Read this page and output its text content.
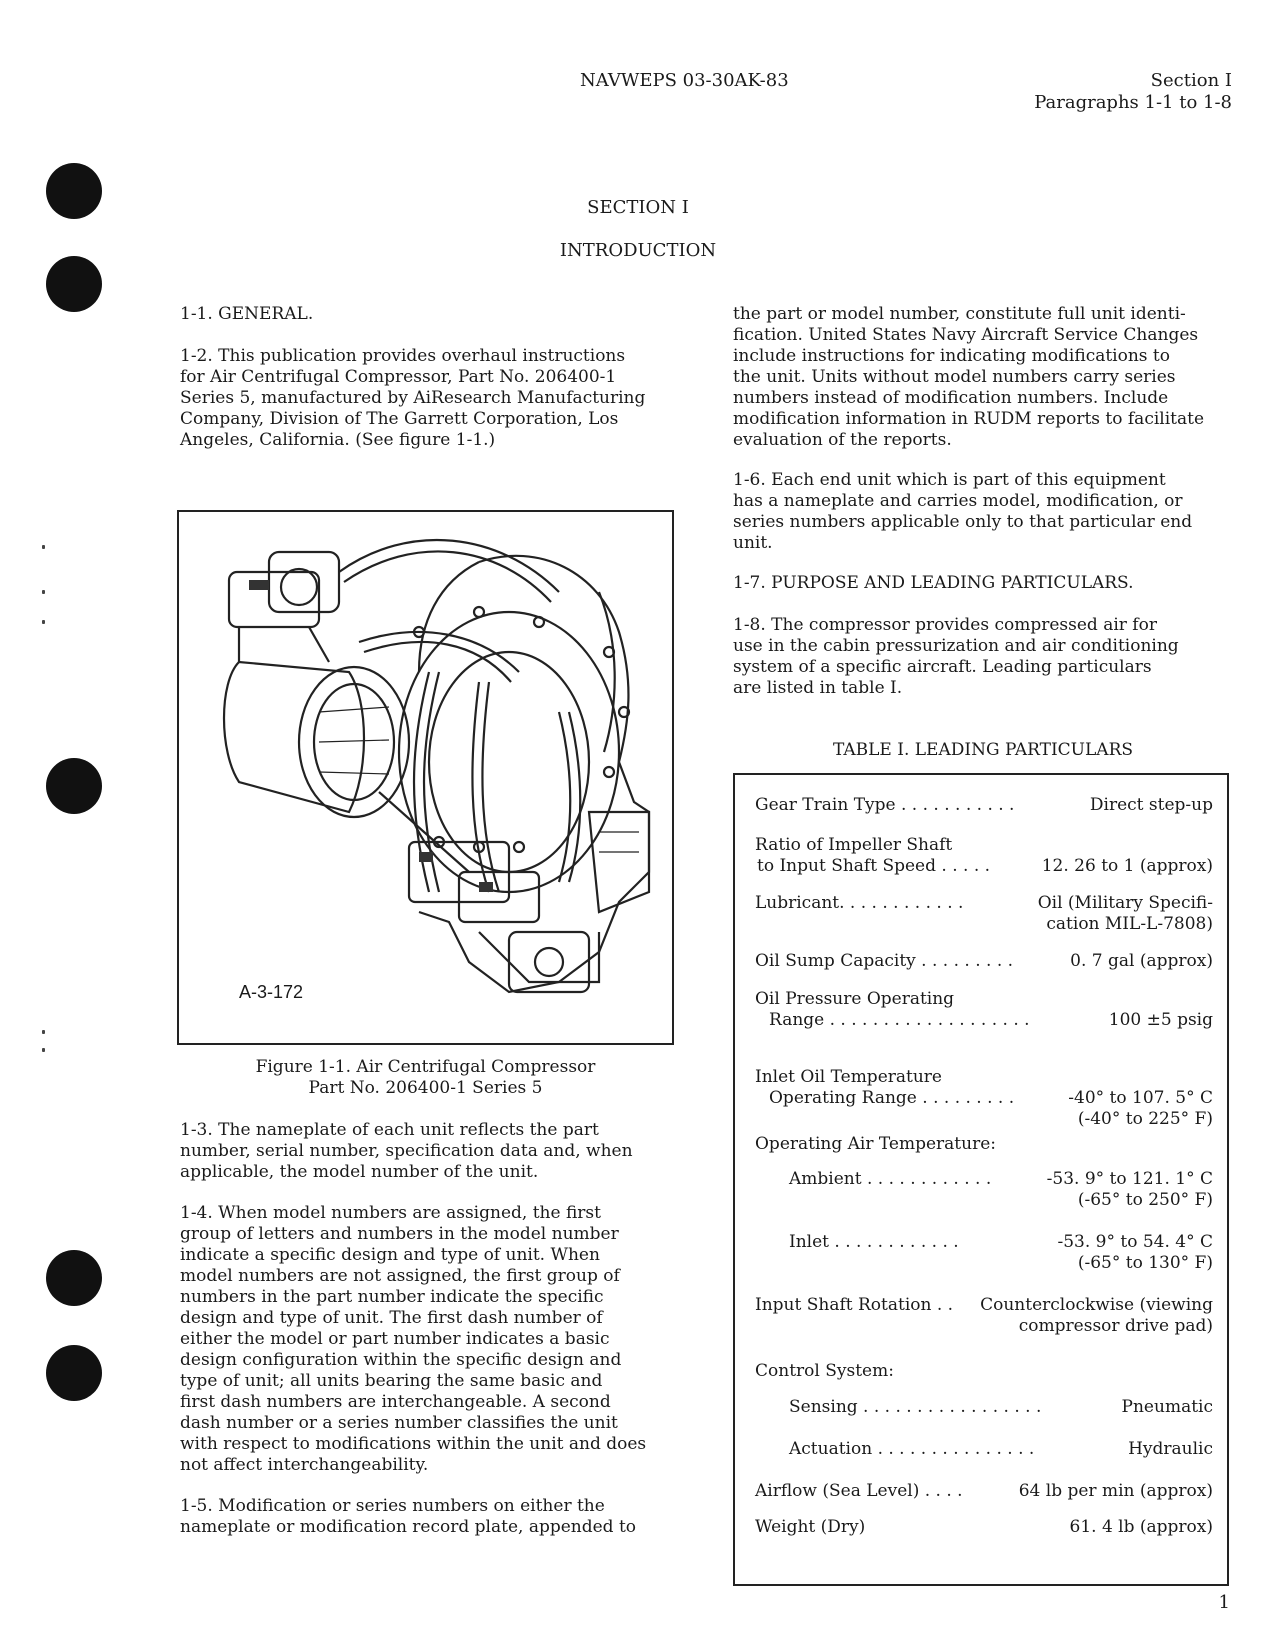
NAVWEPS 03-30AK-83	Section I
Paragraphs 1-1 to 1-8
SECTION I
INTRODUCTION
1-1. GENERAL.
1-2. This publication provides overhaul instructions
for Air Centrifugal Compressor, Part No. 206400-1
Series 5, manufactured by AiResearch Manufacturing
Company, Division of The Garrett Corporation, Los
Angeles, California. (See figure 1-1.)
A-3-172
Figure 1-1. Air Centrifugal Compressor
Part No. 206400-1 Series 5
1-3. The nameplate of each unit reflects the part
number, serial number, specification data and, when
applicable, the model number of the unit.
1-4. When model numbers are assigned, the first
group of letters and numbers in the model number
indicate a specific design and type of unit. When
model numbers are not assigned, the first group of
numbers in the part number indicate the specific
design and type of unit. The first dash number of
either the model or part number indicates a basic
design configuration within the specific design and
type of unit; all units bearing the same basic and
first dash numbers are interchangeable. A second
dash number or a series number classifies the unit
with respect to modifications within the unit and does
not affect interchangeability.
1-5. Modification or series numbers on either the
nameplate or modification record plate, appended to
the part or model number, constitute full unit identi-
fication. United States Navy Aircraft Service Changes
include instructions for indicating modifications to
the unit. Units without model numbers carry series
numbers instead of modification numbers. Include
modification information in RUDM reports to facilitate
evaluation of the reports.
1-6. Each end unit which is part of this equipment
has a nameplate and carries model, modification, or
series numbers applicable only to that particular end
unit.
1-7. PURPOSE AND LEADING PARTICULARS.
1-8. The compressor provides compressed air for
use in the cabin pressurization and air conditioning
system of a specific aircraft. Leading particulars
are listed in table I.
TABLE I. LEADING PARTICULARS
Gear Train Type . . . . . . . . . . .	Direct step-up
Ratio of Impeller Shaft
to Input Shaft Speed . . . . .	12. 26 to 1 (approx)
Lubricant. . . . . . . . . . . .	Oil (Military Specifi-
cation MIL-L-7808)
Oil Sump Capacity . . . . . . . . .	0. 7 gal (approx)
Oil Pressure Operating
Range . . . . . . . . . . . . . . . . . . .	100 ±5 psig
Inlet Oil Temperature
Operating Range . . . . . . . . .	-40° to 107. 5° C
(-40° to 225° F)
Operating Air Temperature:
Ambient . . . . . . . . . . . .	-53. 9° to 121. 1° C
(-65° to 250° F)
Inlet . . . . . . . . . . . .	-53. 9° to 54. 4° C
(-65° to 130° F)
Input Shaft Rotation . . Counterclockwise (viewing
compressor drive pad)
Control System:
Sensing . . . . . . . . . . . . . . . . .	Pneumatic
Actuation . . . . . . . . . . . . . . .	Hydraulic
Airflow (Sea Level) . . . .	64 lb per min (approx)
Weight (Dry)	61. 4 lb (approx)
1
